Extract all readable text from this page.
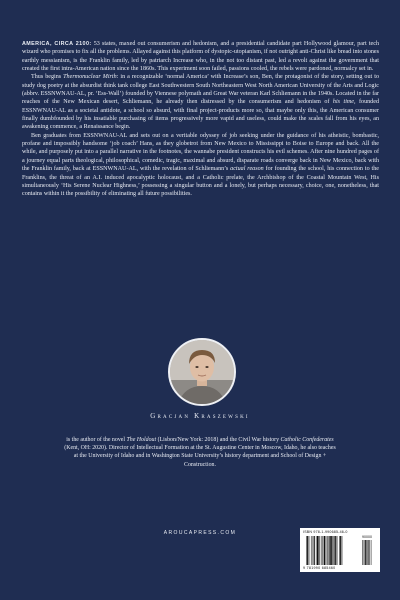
AMERICA, CIRCA 2100: 53 states, maxed out consumerism and hedonism, and a presidential candidate part Hollywood glamour, part tech wizard who promises to fix all the problems. Allayed against this platform of dystopic-utopianism, if not outright anti-Christ like bread into stones earthly messianism, is the Franklin family, led by patriarch Increase who, in the not too distant past, led a revolt against the government that created the first intra-American nation since the 1860s. This experiment soon failed, passions cooled, the rebels were pardoned, normalcy set in.

Thus begins Thermonuclear Mirth: in a recognizable ‘normal America’ with Increase’s son, Ben, the protagonist of the story, setting out to study dog poetry at the absurdist think tank college East Southwestern South Northeastern West North American University of the Arts and Logic (abbrv. ESSNWNAU-AL, pr. ‘Ess-Wall’) founded by Viennese polymath and Great War veteran Karl Schliemann in the 1940s. Located in the far reaches of the New Mexican desert, Schliemann, he already then distressed by the consumerism and hedonism of his time, founded ESSNWNAU-AL as a societal antidote, a school so absurd, with final project-products more so, that maybe only this, the American consumer finally dumbfounded by his insatiable purchasing of items progressively more vapid and useless, could make the scales fall from his eyes, an awakening commence, a Renaissance begin.

Ben graduates from ESSNWNAU-AL and sets out on a veritable odyssey of job seeking under the guidance of his atheistic, bombastic, profane and impossibly handsome ‘job coach’ Hans, as they globetrot from New Mexico to Mississippi to Boise to Europe and back. All the while, and purposely put into a parallel narrative in the footnotes, the wannabe president constructs his evil schemes. After nine hundred pages of a journey equal parts theological, philosophical, comedic, tragic, maximal and absurd, disparate roads converge back in New Mexico, back with the Franklin family, back at ESSNWNAU-AL, with the revelation of Schliemann’s actual reason for founding the school, his connection to the Franklins, the threat of an A.I. induced apocalyptic holocaust, and a Catholic prelate, the Archbishop of the Coastal Mountain West, His simultaneously ‘His Serene Nuclear Highness,’ possessing a singular button and a lonely, but perhaps necessary, choice, one, nonetheless, that contains within it the possibility of eliminating all future possibilities.

Gracjan Kraszewski
is the author of the novel The Holdout (Lisbon/New York: 2018) and the Civil War history Catholic Confederates (Kent, OH: 2020). Director of Intellectual Formation at the St. Augustine Center in Moscow, Idaho, he also teaches at the University of Idaho and in Washington State University’s history department and School of Design + Construction.
AROUCAPRESS.COM	ISBN 978-1-990685-46-0
90000
9 781990 685460
